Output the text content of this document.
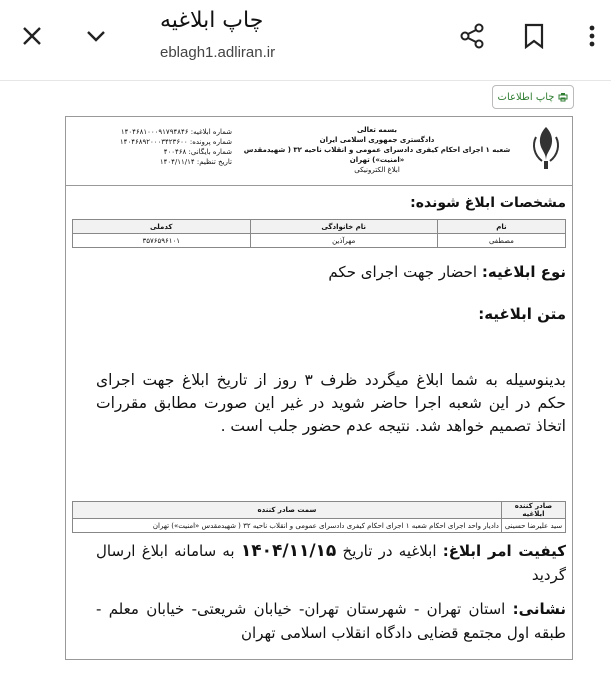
چاپ ابلاغیه
eblagh1.adliran.ir
چاپ اطلاعات
بسمه تعالی
دادگستری جمهوری اسلامی ایران
شعبه ۱ اجرای احکام کیفری دادسرای عمومی و انقلاب ناحیه ۳۲ ( شهیدمقدس «امنیت») تهران
ابلاغ الکترونیکی
شماره ابلاغیه: ۱۴۰۴۶۸۱۰۰۰۹۱۷۹۴۸۴۶
شماره پرونده: ۱۴۰۴۶۸۹۲۰۰۰۳۴۲۳۶۰۰
شماره بایگانی: ۴۰۰۴۶۸
تاریخ تنظیم: ۱۴۰۴/۱۱/۱۴
مشخصات ابلاغ شونده:
نام	نام خانوادگی	کدملی
مصطفی	مهرآذین	۳۵۷۶۵۹۶۱۰۱
نوع ابلاغیه: احضار جهت اجرای حکم
متن ابلاغیه:
بدینوسیله به شما ابلاغ میگردد ظرف ۳ روز از تاریخ ابلاغ جهت اجرای حکم در این شعبه اجرا حاضر شوید در غیر این صورت مطابق مقررات اتخاذ تصمیم خواهد شد. نتیجه عدم حضور جلب است .
صادر کننده ابلاغیه	سمت صادر کننده
سید علیرضا حسینی	دادیار واحد اجرای احکام شعبه ۱ اجرای احکام کیفری دادسرای عمومی و انقلاب ناحیه ۳۲ ( شهیدمقدس «امنیت») تهران
کیفیت امر ابلاغ: ابلاغیه در تاریخ ۱۴۰۴/۱۱/۱۵ به سامانه ابلاغ ارسال گردید
نشانی: استان تهران - شهرستان تهران- خیابان شریعتی- خیابان معلم - طبقه اول مجتمع قضایی دادگاه انقلاب اسلامی تهران
